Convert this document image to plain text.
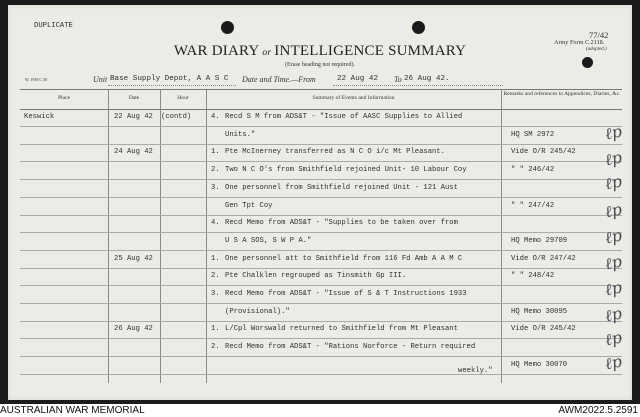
DUPLICATE
77/42
Army Form C.2118.
(adopted.)
WAR DIARY or INTELLIGENCE SUMMARY
(Erase heading not required).
W. 1938 C.50	Unit Base Supply Depot, A A S C Date and Time.—From	22 Aug 42 To 26 Aug 42.
Place	Date	Hour	Summary of Events and Information
Remarks and references to Appendices, Diaries, &c.
Keswick	22 Aug 42 (contd)	4. Recd S M from ADS&T - "Issue of AASC Supplies to Allied
Units."	HQ SM 2972
24 Aug 42	1. Pte McInerney transferred as N C O i/c Mt Pleasant.	Vide O/R 245/42
2. Two N C O's from Smithfield rejoined Unit- 10 Labour Coy	" " 246/42
3. One personnel from Smithfield rejoined Unit - 121 Aust
Gen Tpt Coy	" " 247/42
4. Recd Memo from ADS&T - "Supplies to be taken over from
U S A SOS, S W P A."	HQ Memo 29709
25 Aug 42	1. One personnel att to Smithfield from 116 Fd Amb A A M C	Vide O/R 247/42
2. Pte Chalklen regrouped as Tinsmith Gp III.	" " 248/42
3. Recd Memo from ADS&T - "Issue of S & T Instructions 1933
(Provisional)."	HQ Memo 30095
26 Aug 42	1. L/Cpl Worswald returned to Smithfield from Mt Pleasant	Vide O/R 245/42
2. Recd Memo from ADS&T - "Rations Norforce - Return required
weekly."
HQ Memo 30070
ℓp
ℓp
ℓp
ℓp
ℓp
ℓp
ℓp
ℓp
ℓp
ℓp
AUSTRALIAN WAR MEMORIAL	AWM2022.5.2591
